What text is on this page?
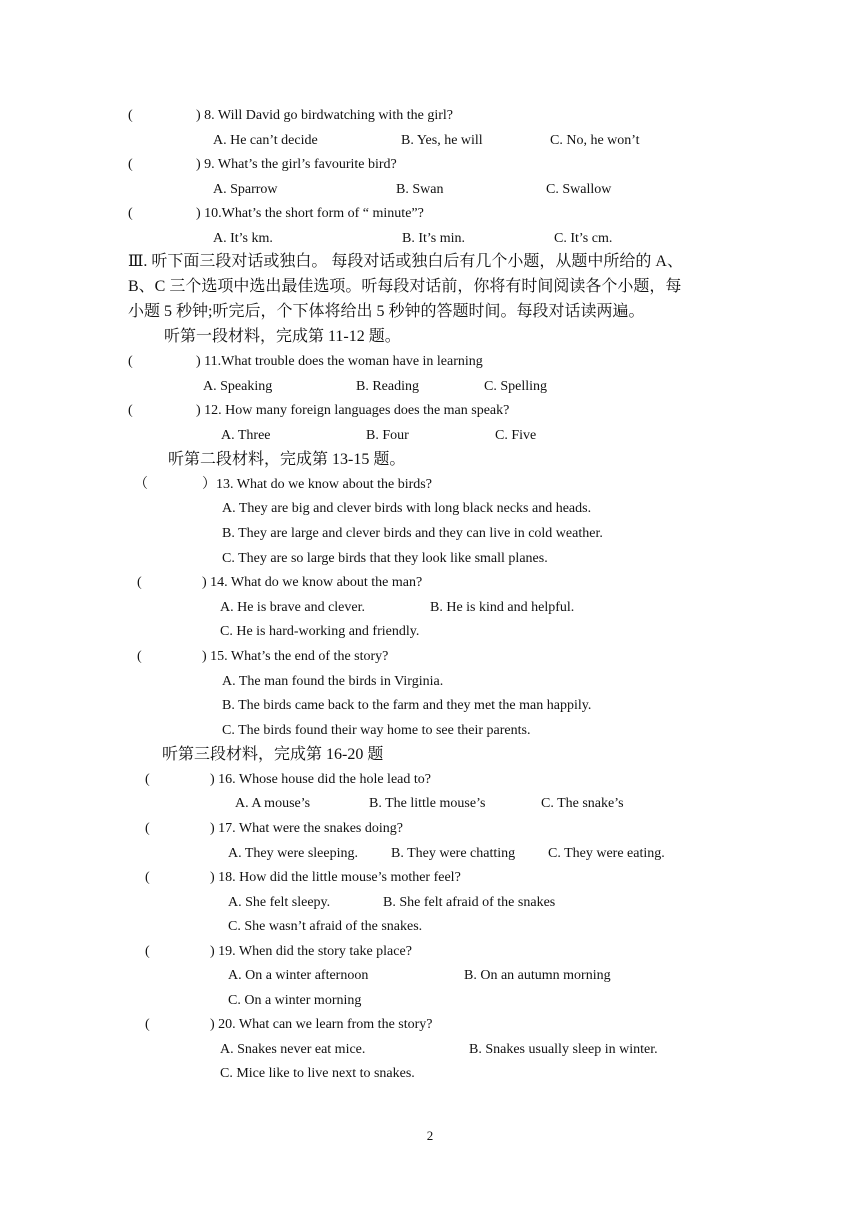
(	) 8. Will David go birdwatching with the girl?
A. He can’t decide	B. Yes, he will	C. No, he won’t
(	) 9. What’s the girl’s favourite bird?
A. Sparrow	B. Swan	C. Swallow
(	) 10.What’s the short form of “ minute”?
A. It’s km.	B. It’s min.	C. It’s cm.
Ⅲ. 听下面三段对话或独白。 每段对话或独白后有几个小题，从题中所给的 A、
B、C 三个选项中选出最佳选项。听每段对话前，你将有时间阅读各个小题，每
小题 5 秒钟;听完后，个下体将给出 5 秒钟的答题时间。每段对话读两遍。
听第一段材料，完成第 11-12 题。
(	) 11.What trouble does the woman have in learning
A. Speaking	B. Reading	C. Spelling
(	) 12. How many foreign languages does the man speak?
A. Three	B. Four	C. Five
听第二段材料，完成第 13-15 题。
（	）13. What do we know about the birds?
A. They are big and clever birds with long black necks and heads.
B. They are large and clever birds and they can live in cold weather.
C. They are so large birds that they look like small planes.
(	) 14. What do we know about the man?
A. He is brave and clever.	B. He is kind and helpful.
C. He is hard-working and friendly.
(	) 15. What’s the end of the story?
A. The man found the birds in Virginia.
B. The birds came back to the farm and they met the man happily.
C. The birds found their way home to see their parents.
听第三段材料，完成第 16-20 题
(	) 16. Whose house did the hole lead to?
A. A mouse’s	B. The little mouse’s	C. The snake’s
(	) 17. What were the snakes doing?
A. They were sleeping. B. They were chatting C. They were eating.
(	) 18. How did the little mouse’s mother feel?
A. She felt sleepy.	B. She felt afraid of the snakes
C. She wasn’t afraid of the snakes.
(	) 19. When did the story take place?
A. On a winter afternoon	B. On an autumn morning
C. On a winter morning
(	) 20. What can we learn from the story?
A. Snakes never eat mice.	B. Snakes usually sleep in winter.
C. Mice like to live next to snakes.
2
